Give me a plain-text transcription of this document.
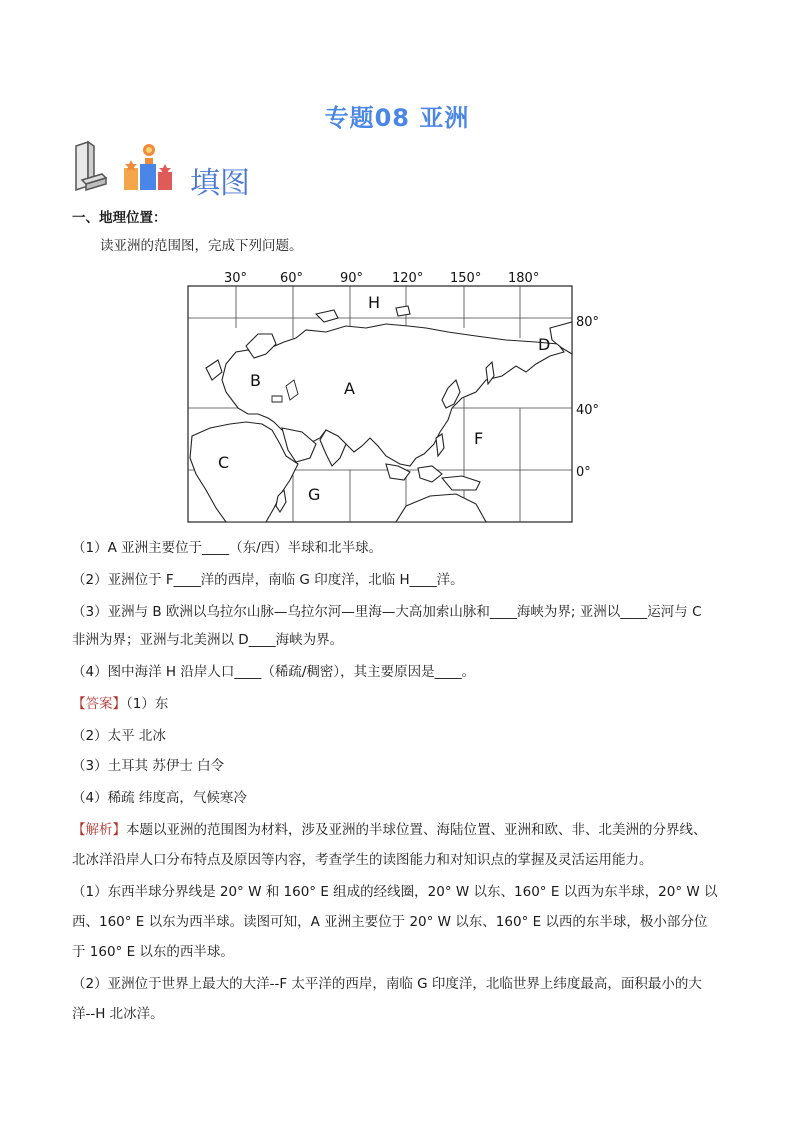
专题08 亚洲
填图
一、地理位置：
读亚洲的范围图，完成下列问题。
30°	60°	90° 120° 150° 180°
80°
40°
0°
H
D
B	A
F
C
G
（1）A 亚洲主要位于____（东/西）半球和北半球。
（2）亚洲位于 F____洋的西岸，南临 G 印度洋，北临 H____洋。
（3）亚洲与 B 欧洲以乌拉尔山脉—乌拉尔河—里海—大高加索山脉和____海峡为界; 亚洲以____运河与 C
非洲为界；亚洲与北美洲以 D____海峡为界。
（4）图中海洋 H 沿岸人口____（稀疏/稠密），其主要原因是____。
【答案】（1）东
（2）太平 北冰
（3）土耳其 苏伊士 白令
（4）稀疏 纬度高，气候寒冷
【解析】本题以亚洲的范围图为材料，涉及亚洲的半球位置、海陆位置、亚洲和欧、非、北美洲的分界线、
北冰洋沿岸人口分布特点及原因等内容，考查学生的读图能力和对知识点的掌握及灵活运用能力。
（1）东西半球分界线是 20° W 和 160° E 组成的经线圈，20° W 以东、160° E 以西为东半球，20° W 以
西、160° E 以东为西半球。读图可知，A 亚洲主要位于 20° W 以东、160° E 以西的东半球，极小部分位
于 160° E 以东的西半球。
（2）亚洲位于世界上最大的大洋--F 太平洋的西岸，南临 G 印度洋，北临世界上纬度最高，面积最小的大
洋--H 北冰洋。
